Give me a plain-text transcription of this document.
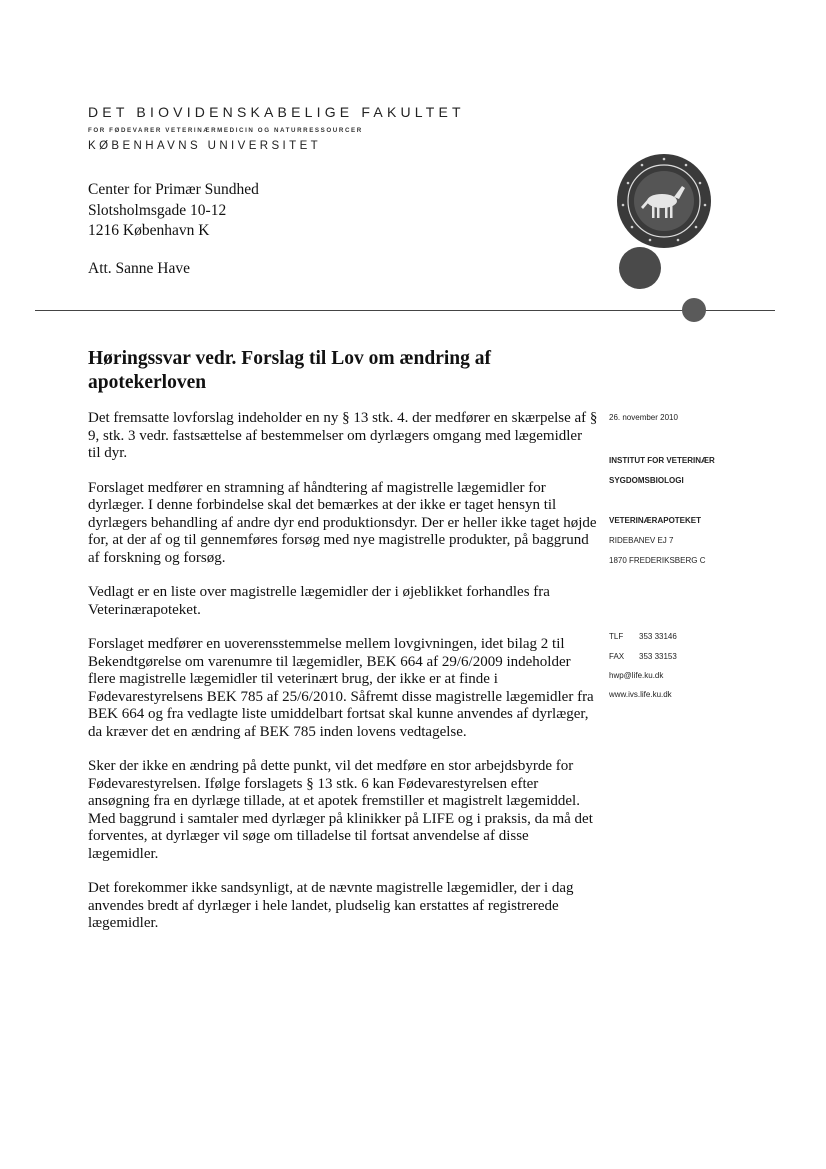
DET BIOVIDENSKABELIGE FAKULTET
FOR FØDEVARER VETERINÆRMEDICIN OG NATURRESSOURCER
KØBENHAVNS UNIVERSITET
Center for Primær Sundhed
Slotsholmsgade 10-12
1216 København K
Att. Sanne Have
Høringssvar vedr. Forslag til Lov om ændring af apotekerloven

Det fremsatte lovforslag indeholder en ny § 13 stk. 4. der medfører en skærpelse af § 9, stk. 3 vedr. fastsættelse af bestemmelser om dyrlægers omgang med lægemidler til dyr.

Forslaget medfører en stramning af håndtering af magistrelle lægemidler for dyrlæger. I denne forbindelse skal det bemærkes at der ikke er taget hensyn til dyrlægers behandling af andre dyr end produktionsdyr. Der er heller ikke taget højde for, at der af og til gennemføres forsøg med nye magistrelle produkter, på baggrund af forskning og forsøg.

Vedlagt er en liste over magistrelle lægemidler der i øjeblikket forhandles fra Veterinærapoteket.

Forslaget medfører en uoverensstemmelse mellem lovgivningen, idet bilag 2 til Bekendtgørelse om varenumre til lægemidler, BEK 664 af 29/6/2009 indeholder flere magistrelle lægemidler til veterinært brug, der ikke er at finde i Fødevarestyrelsens BEK 785 af 25/6/2010. Såfremt disse magistrelle lægemidler fra BEK 664 og fra vedlagte liste umiddelbart fortsat skal kunne anvendes af dyrlæger, da kræver det en ændring af BEK 785 inden lovens vedtagelse.

Sker der ikke en ændring på dette punkt, vil det medføre en stor arbejdsbyrde for Fødevarestyrelsen. Ifølge forslagets § 13 stk. 6 kan Fødevarestyrelsen efter ansøgning fra en dyrlæge tillade, at et apotek fremstiller et magistrelt lægemiddel. Med baggrund i samtaler med dyrlæger på klinikker på LIFE og i praksis, da må det forventes, at dyrlæger vil søge om tilladelse til fortsat anvendelse af disse lægemidler.

Det forekommer ikke sandsynligt, at de nævnte magistrelle lægemidler, der i dag anvendes bredt af dyrlæger i hele landet, pludselig kan erstattes af registrerede lægemidler.

26. november 2010
INSTITUT FOR VETERINÆR
SYGDOMSBIOLOGI
VETERINÆRAPOTEKET
RIDEBANEV EJ 7
1870 FREDERIKSBERG C
TLF	353 33146
FAX	353 33153
hwp@life.ku.dk
www.ivs.life.ku.dk
